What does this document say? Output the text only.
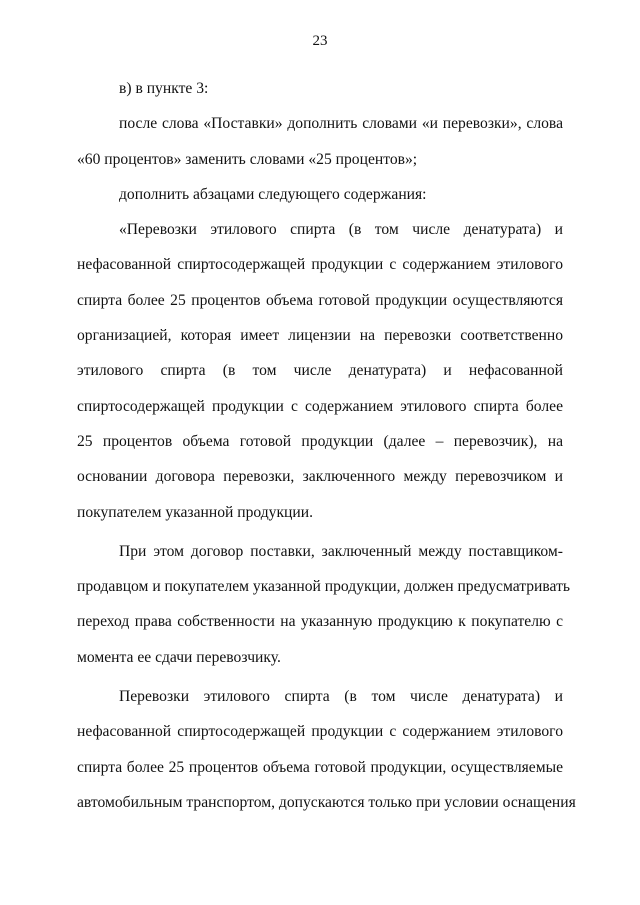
23
в) в пункте 3:
после слова «Поставки» дополнить словами «и перевозки», слова
«60 процентов» заменить словами «25 процентов»;
дополнить абзацами следующего содержания:
«Перевозки этилового спирта (в том числе денатурата) и
нефасованной спиртосодержащей продукции с содержанием этилового
спирта более 25 процентов объема готовой продукции осуществляются
организацией, которая имеет лицензии на перевозки соответственно
этилового спирта (в том числе денатурата) и нефасованной
спиртосодержащей продукции с содержанием этилового спирта более
25 процентов объема готовой продукции (далее – перевозчик), на
основании договора перевозки, заключенного между перевозчиком и
покупателем указанной продукции.
При этом договор поставки, заключенный между поставщиком-
продавцом и покупателем указанной продукции, должен предусматривать
переход права собственности на указанную продукцию к покупателю с
момента ее сдачи перевозчику.
Перевозки этилового спирта (в том числе денатурата) и
нефасованной спиртосодержащей продукции с содержанием этилового
спирта более 25 процентов объема готовой продукции, осуществляемые
автомобильным транспортом, допускаются только при условии оснащения
